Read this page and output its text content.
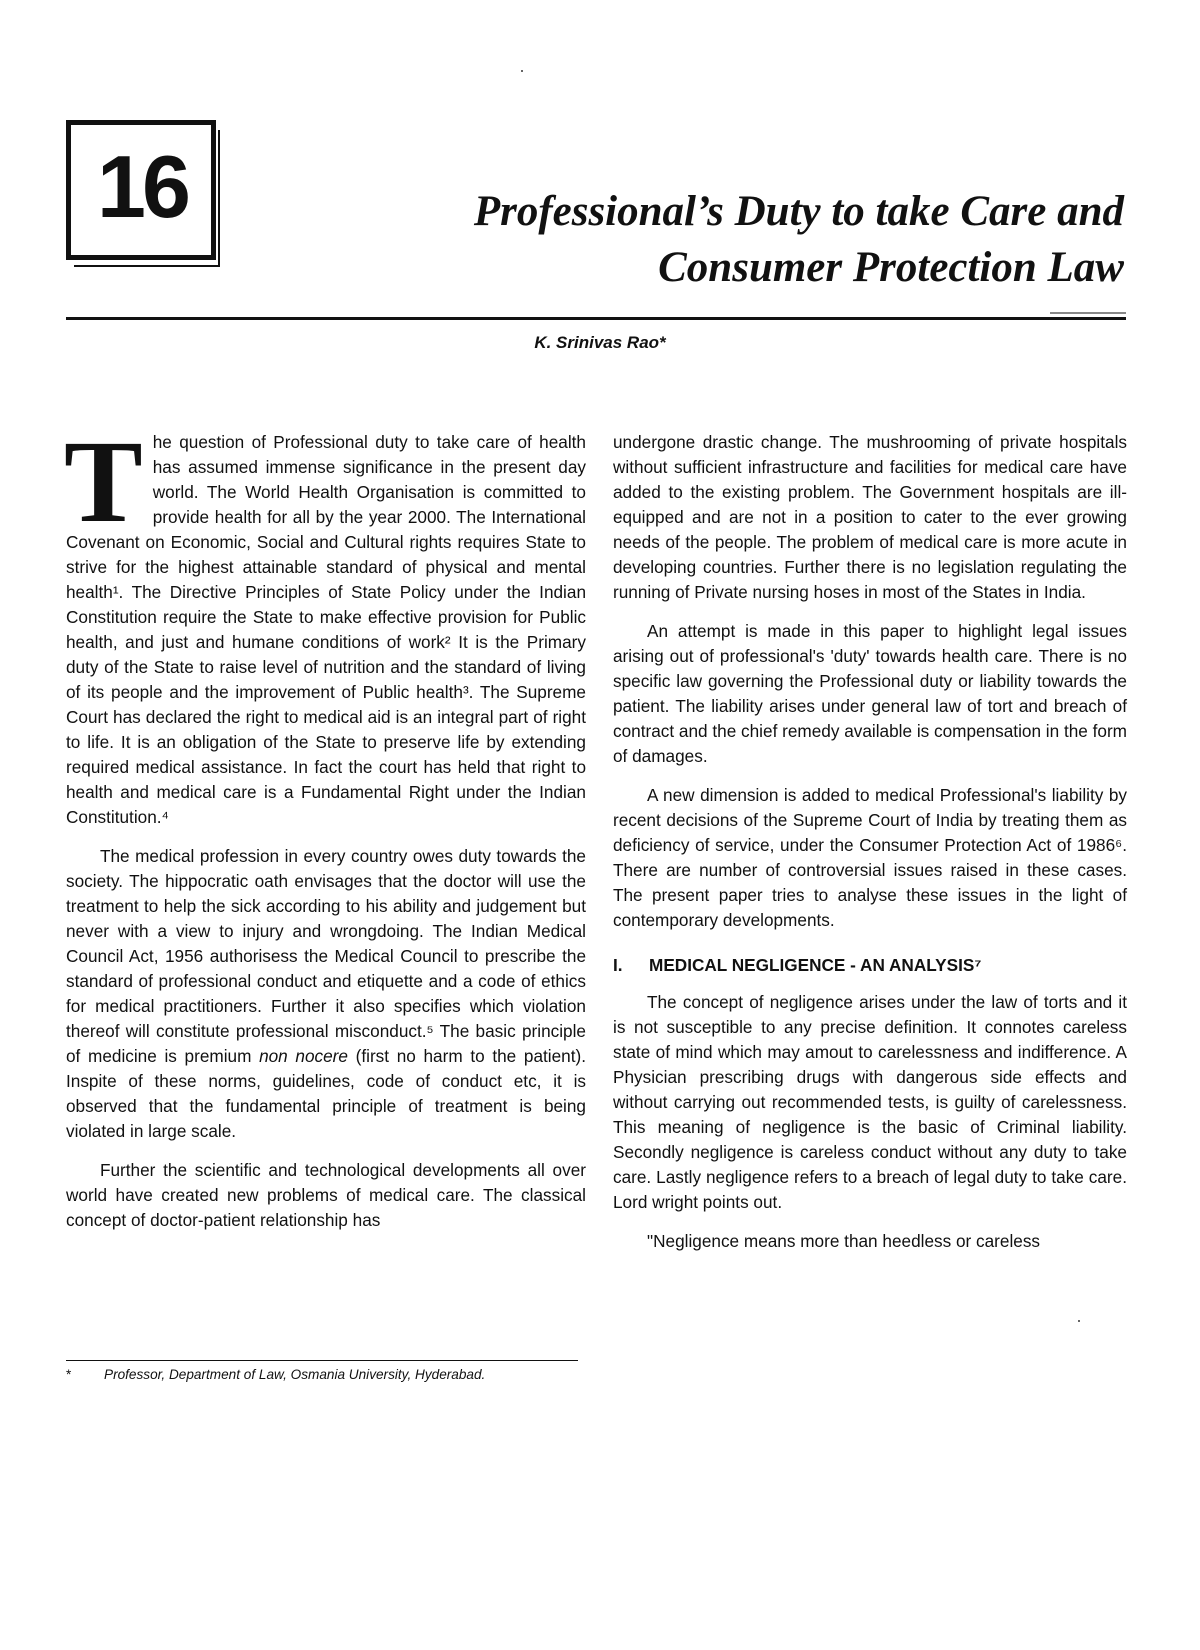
16	Professional’s Duty to take Care and
Consumer Protection Law
K. Srinivas Rao*

The question of Professional duty to take care of health has assumed immense significance in the present day world. The World Health Organisation is committed to provide health for all by the year 2000. The International Covenant on Economic, Social and Cultural rights requires State to strive for the highest attainable standard of physical and mental health¹. The Directive Principles of State Policy under the Indian Constitution require the State to make effective provision for Public health, and just and humane conditions of work² It is the Primary duty of the State to raise level of nutrition and the standard of living of its people and the improvement of Public health³. The Supreme Court has declared the right to medical aid is an integral part of right to life. It is an obligation of the State to preserve life by extending required medical assistance. In fact the court has held that right to health and medical care is a Fundamental Right under the Indian Constitution.⁴

The medical profession in every country owes duty towards the society. The hippocratic oath envisages that the doctor will use the treatment to help the sick according to his ability and judgement but never with a view to injury and wrongdoing. The Indian Medical Council Act, 1956 authorisess the Medical Council to prescribe the standard of professional conduct and etiquette and a code of ethics for medical practitioners. Further it also specifies which violation thereof will constitute professional misconduct.⁵ The basic principle of medicine is premium non nocere (first no harm to the patient). Inspite of these norms, guidelines, code of conduct etc, it is observed that the fundamental principle of treatment is being violated in large scale.

Further the scientific and technological developments all over world have created new problems of medical care. The classical concept of doctor-patient relationship has

undergone drastic change. The mushrooming of private hospitals without sufficient infrastructure and facilities for medical care have added to the existing problem. The Government hospitals are ill-equipped and are not in a position to cater to the ever growing needs of the people. The problem of medical care is more acute in developing countries. Further there is no legislation regulating the running of Private nursing hoses in most of the States in India.

An attempt is made in this paper to highlight legal issues arising out of professional's 'duty' towards health care. There is no specific law governing the Professional duty or liability towards the patient. The liability arises under general law of tort and breach of contract and the chief remedy available is compensation in the form of damages.

A new dimension is added to medical Professional's liability by recent decisions of the Supreme Court of India by treating them as deficiency of service, under the Consumer Protection Act of 1986⁶. There are number of controversial issues raised in these cases. The present paper tries to analyse these issues in the light of contemporary developments.

I. MEDICAL NEGLIGENCE - AN ANALYSIS⁷

The concept of negligence arises under the law of torts and it is not susceptible to any precise definition. It connotes careless state of mind which may amout to carelessness and indifference. A Physician prescribing drugs with dangerous side effects and without carrying out recommended tests, is guilty of carelessness. This meaning of negligence is the basic of Criminal liability. Secondly negligence is careless conduct without any duty to take care. Lastly negligence refers to a breach of legal duty to take care. Lord wright points out.

"Negligence means more than heedless or careless

* Professor, Department of Law, Osmania University, Hyderabad.
